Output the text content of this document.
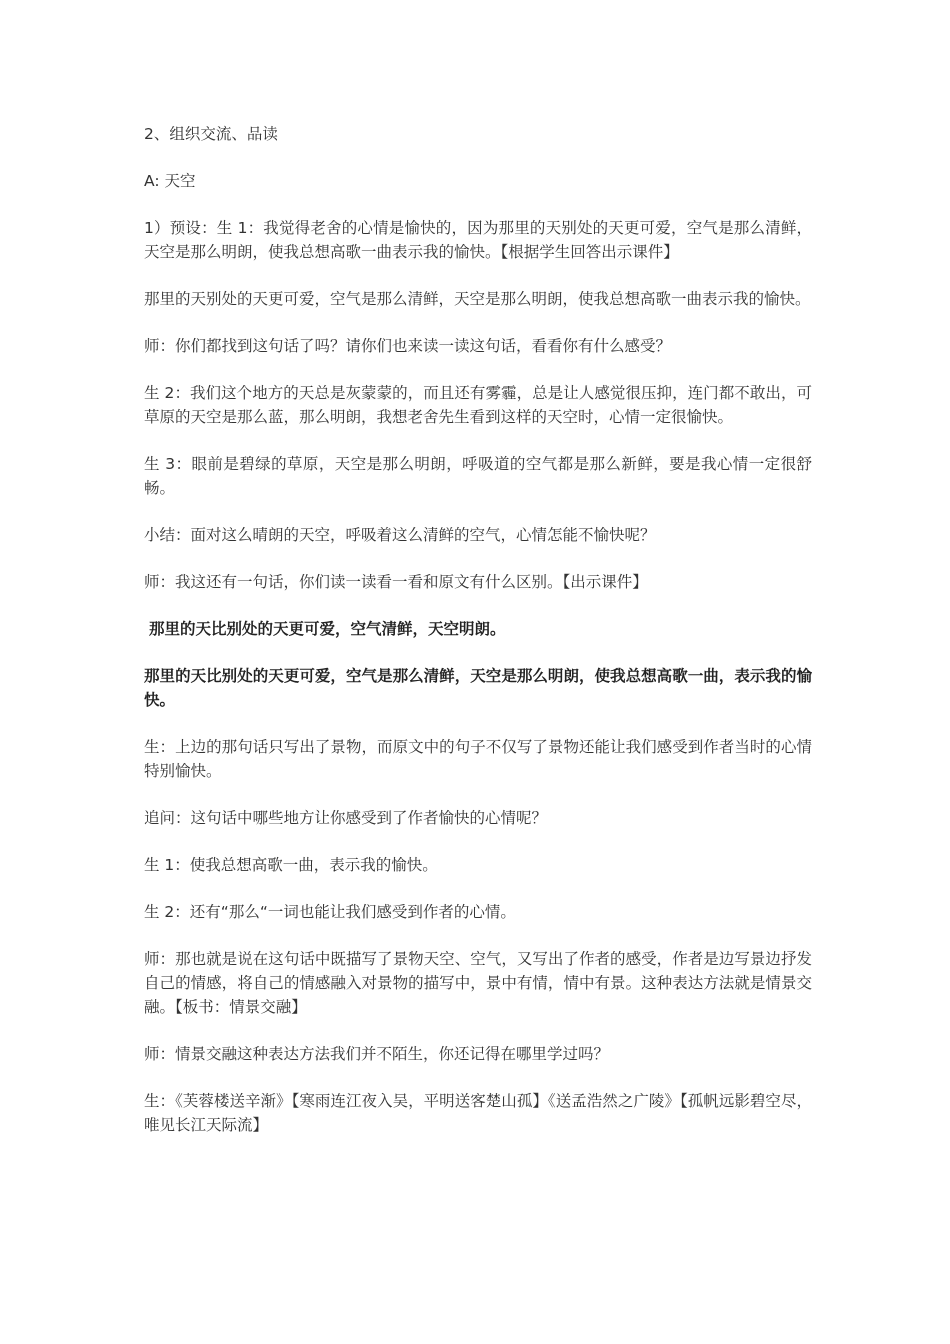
2、组织交流、品读

A: 天空

1）预设：生 1：我觉得老舍的心情是愉快的，因为那里的天别处的天更可爱，空气是那么清鲜，天空是那么明朗，使我总想高歌一曲表示我的愉快。【根据学生回答出示课件】

那里的天别处的天更可爱，空气是那么清鲜，天空是那么明朗，使我总想高歌一曲表示我的愉快。

师：你们都找到这句话了吗？请你们也来读一读这句话，看看你有什么感受？

生 2：我们这个地方的天总是灰蒙蒙的，而且还有雾霾，总是让人感觉很压抑，连门都不敢出，可草原的天空是那么蓝，那么明朗，我想老舍先生看到这样的天空时，心情一定很愉快。

生 3：眼前是碧绿的草原，天空是那么明朗，呼吸道的空气都是那么新鲜，要是我心情一定很舒畅。

小结：面对这么晴朗的天空，呼吸着这么清鲜的空气，心情怎能不愉快呢？

师：我这还有一句话，你们读一读看一看和原文有什么区别。【出示课件】

那里的天比别处的天更可爱，空气清鲜，天空明朗。

那里的天比别处的天更可爱，空气是那么清鲜，天空是那么明朗，使我总想高歌一曲，表示我的愉快。

生：上边的那句话只写出了景物，而原文中的句子不仅写了景物还能让我们感受到作者当时的心情特别愉快。

追问：这句话中哪些地方让你感受到了作者愉快的心情呢？

生 1：使我总想高歌一曲，表示我的愉快。

生 2：还有“那么“一词也能让我们感受到作者的心情。

师：那也就是说在这句话中既描写了景物天空、空气，又写出了作者的感受，作者是边写景边抒发自己的情感，将自己的情感融入对景物的描写中，景中有情，情中有景。这种表达方法就是情景交融。【板书：情景交融】

师：情景交融这种表达方法我们并不陌生，你还记得在哪里学过吗？

生：《芙蓉楼送辛渐》【寒雨连江夜入吴，平明送客楚山孤】《送孟浩然之广陵》【孤帆远影碧空尽，唯见长江天际流】
